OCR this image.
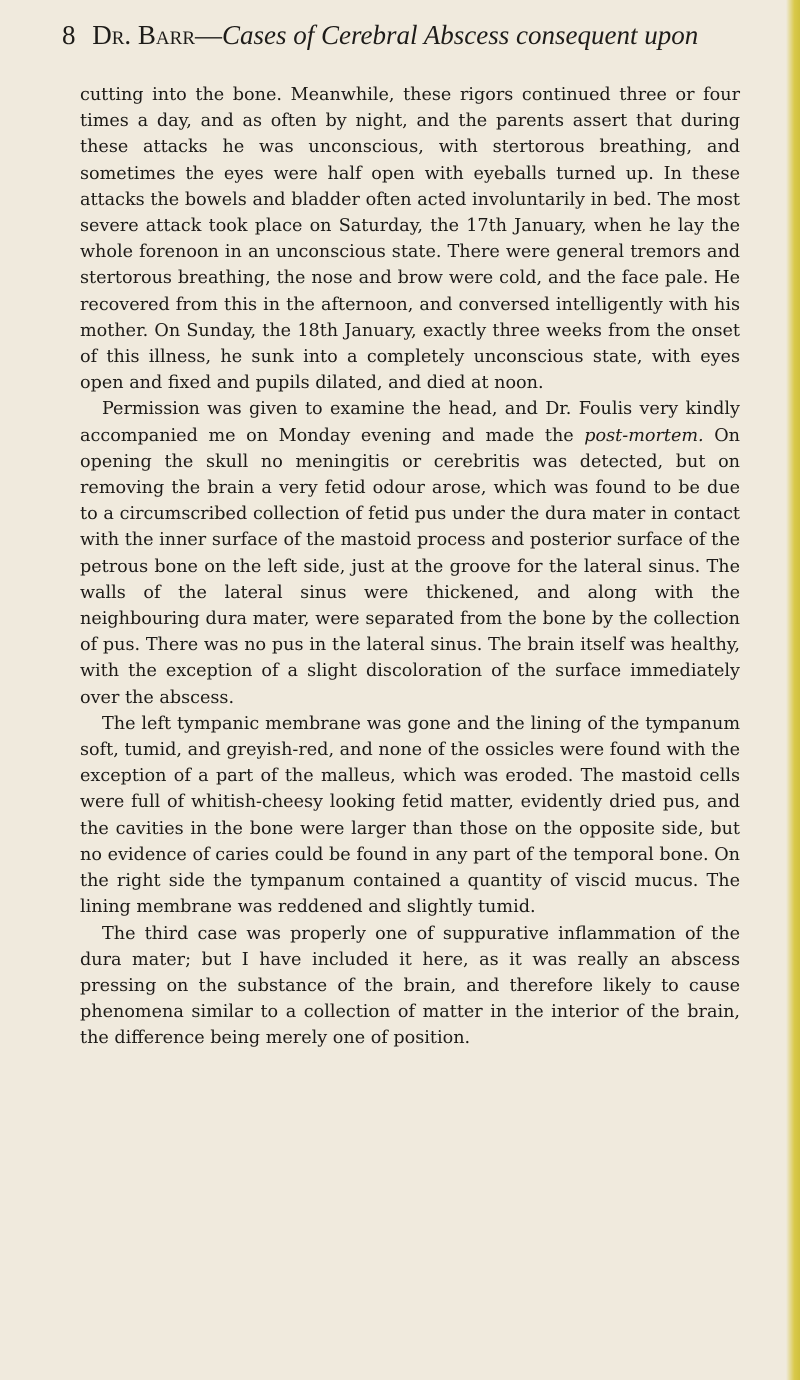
8 Dr. Barr—Cases of Cerebral Abscess consequent upon

cutting into the bone. Meanwhile, these rigors continued three or four times a day, and as often by night, and the parents assert that during these attacks he was unconscious, with stertorous breathing, and sometimes the eyes were half open with eyeballs turned up. In these attacks the bowels and bladder often acted involuntarily in bed. The most severe attack took place on Saturday, the 17th January, when he lay the whole forenoon in an unconscious state. There were general tremors and stertorous breathing, the nose and brow were cold, and the face pale. He recovered from this in the afternoon, and conversed intelligently with his mother. On Sunday, the 18th January, exactly three weeks from the onset of this illness, he sunk into a completely unconscious state, with eyes open and fixed and pupils dilated, and died at noon.

Permission was given to examine the head, and Dr. Foulis very kindly accompanied me on Monday evening and made the post-mortem. On opening the skull no meningitis or cerebritis was detected, but on removing the brain a very fetid odour arose, which was found to be due to a circumscribed collection of fetid pus under the dura mater in contact with the inner surface of the mastoid process and posterior surface of the petrous bone on the left side, just at the groove for the lateral sinus. The walls of the lateral sinus were thickened, and along with the neighbouring dura mater, were separated from the bone by the collection of pus. There was no pus in the lateral sinus. The brain itself was healthy, with the exception of a slight discoloration of the surface immediately over the abscess.

The left tympanic membrane was gone and the lining of the tympanum soft, tumid, and greyish-red, and none of the ossicles were found with the exception of a part of the malleus, which was eroded. The mastoid cells were full of whitish-cheesy looking fetid matter, evidently dried pus, and the cavities in the bone were larger than those on the opposite side, but no evidence of caries could be found in any part of the temporal bone. On the right side the tympanum contained a quantity of viscid mucus. The lining membrane was reddened and slightly tumid.

The third case was properly one of suppurative inflammation of the dura mater; but I have included it here, as it was really an abscess pressing on the substance of the brain, and therefore likely to cause phenomena similar to a collection of matter in the interior of the brain, the difference being merely one of position.
